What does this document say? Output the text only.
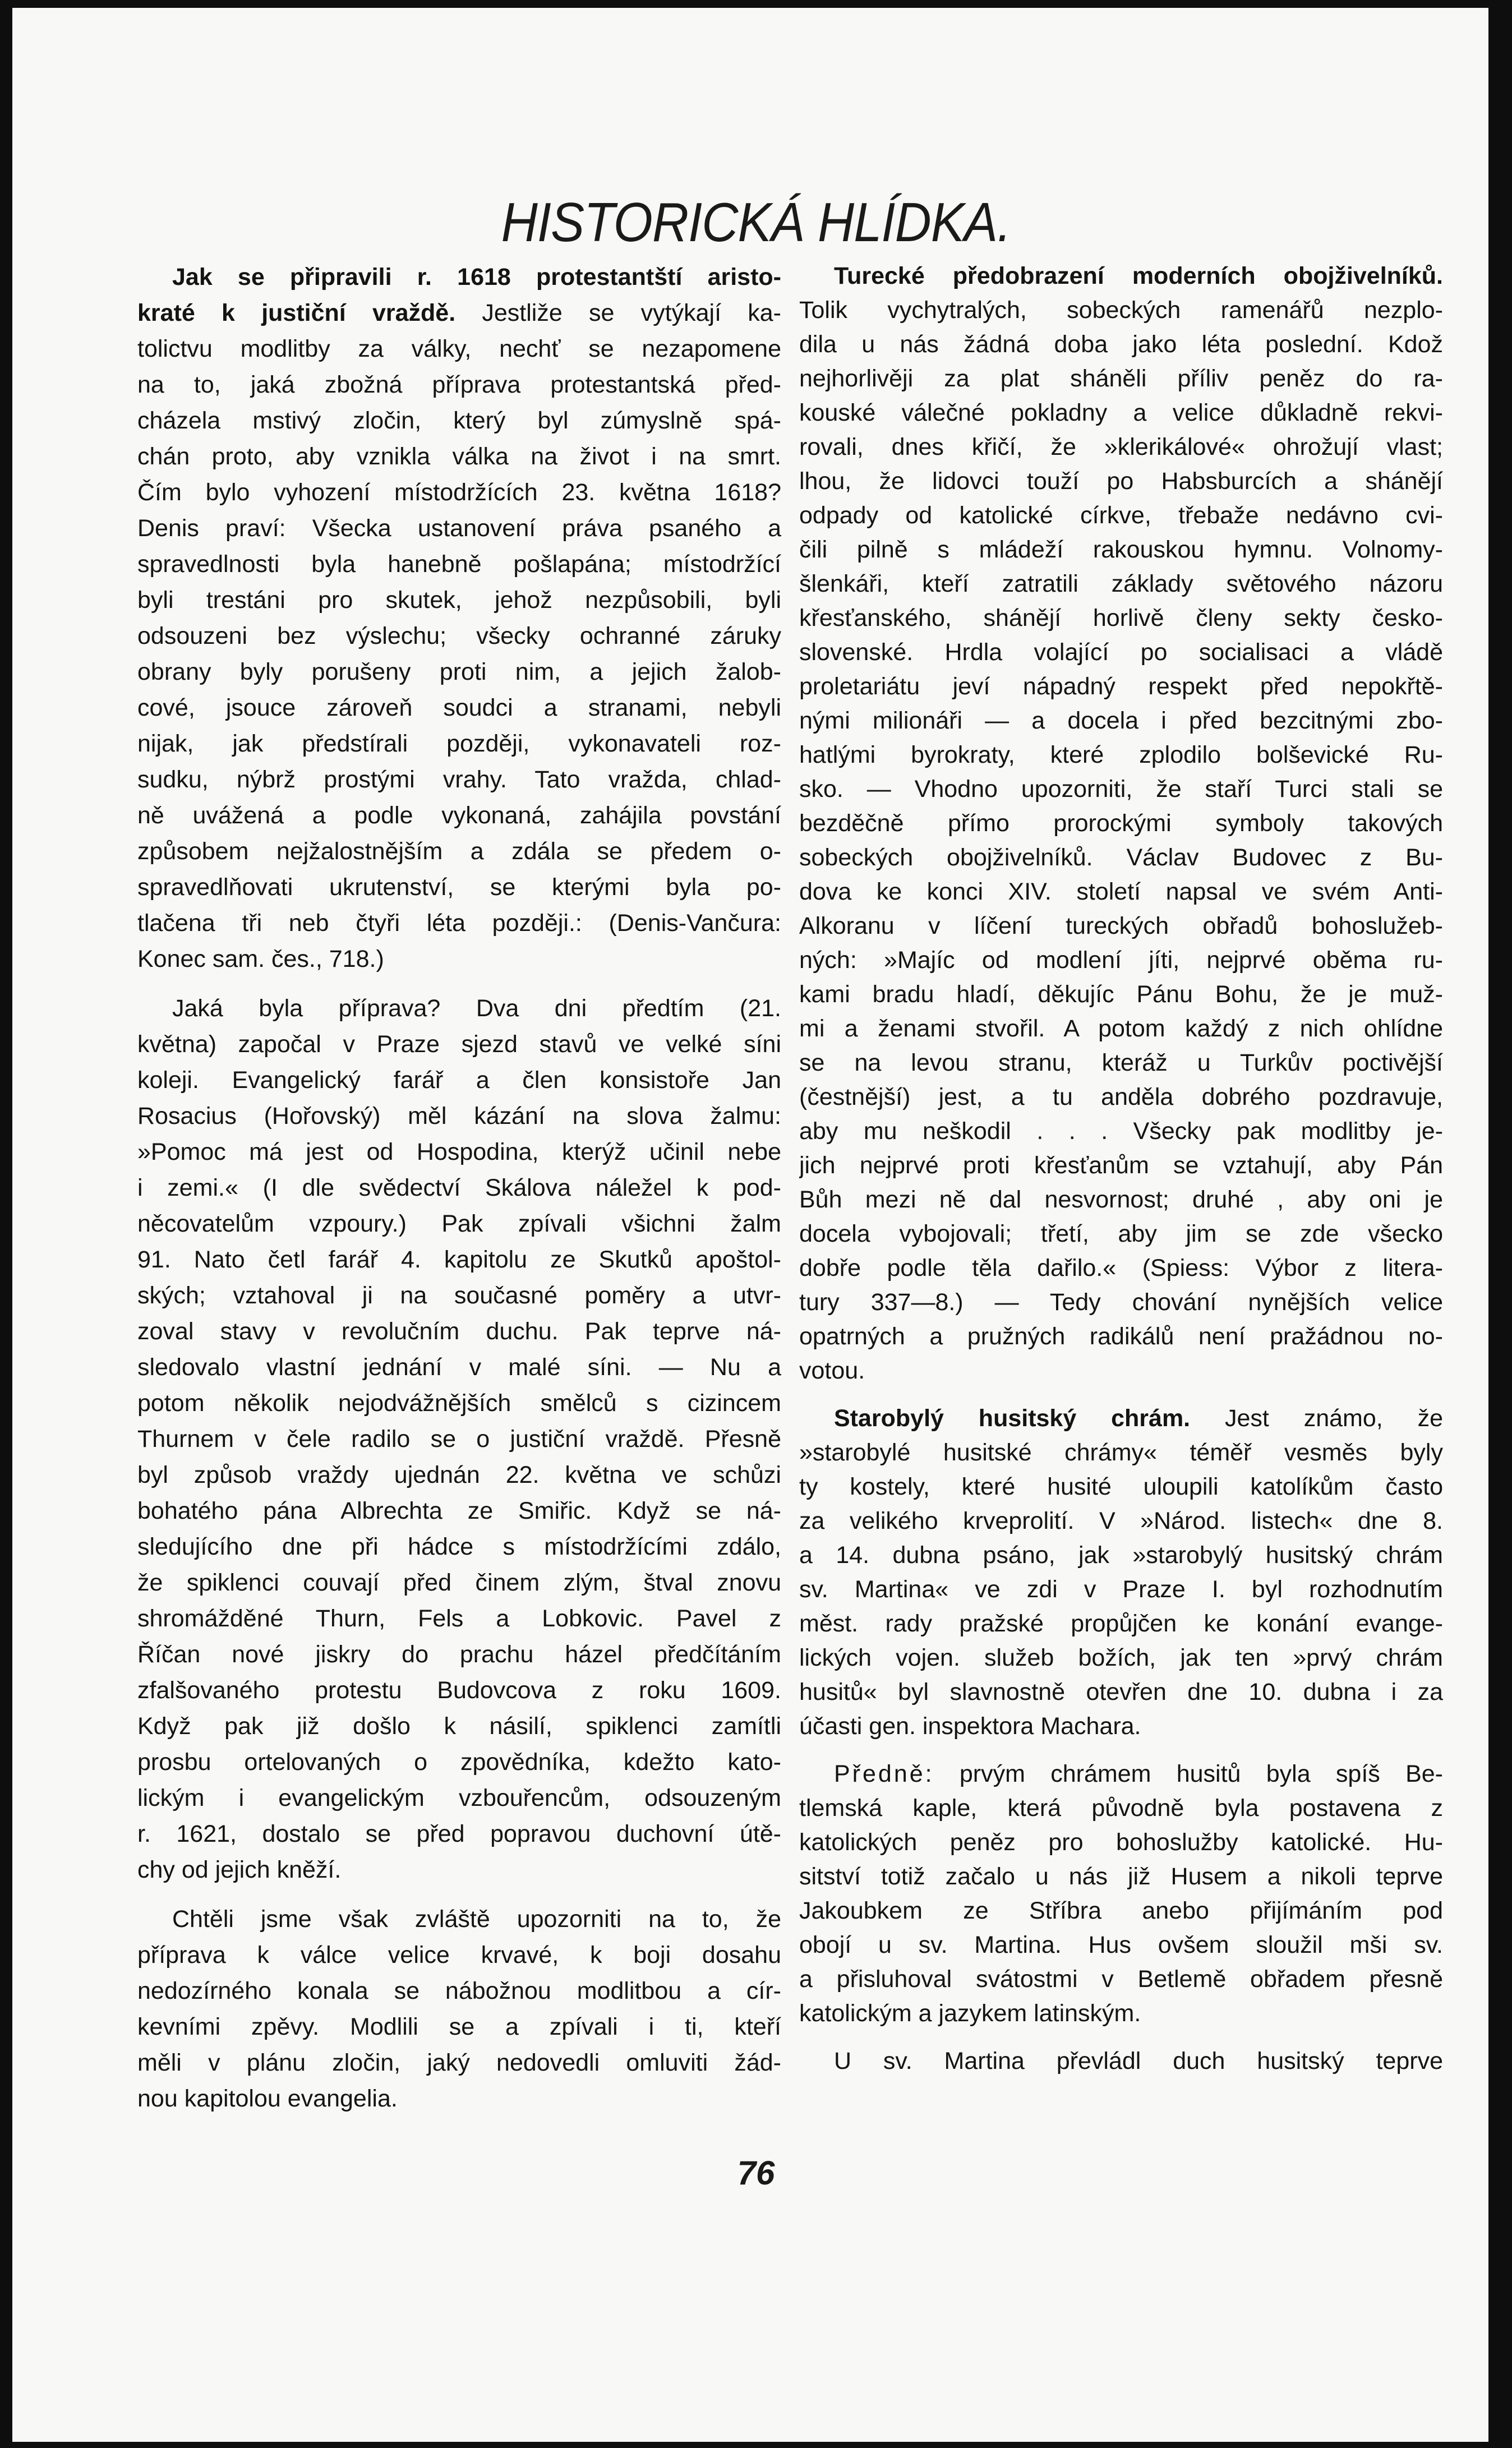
HISTORICKÁ HLÍDKA.
Jak se připravili r. 1618 protestantští aristo-
kraté k justiční vraždě. Jestliže se vytýkají ka-
tolictvu modlitby za války, nechť se nezapomene
na to, jaká zbožná příprava protestantská před-
cházela mstivý zločin, který byl zúmyslně spá-
chán proto, aby vznikla válka na život i na smrt.
Čím bylo vyhození místodržících 23. května 1618?
Denis praví: Všecka ustanovení práva psaného a
spravedlnosti byla hanebně pošlapána; místodržící
byli trestáni pro skutek, jehož nezpůsobili, byli
odsouzeni bez výslechu; všecky ochranné záruky
obrany byly porušeny proti nim, a jejich žalob-
cové, jsouce zároveň soudci a stranami, nebyli
nijak, jak předstírali později, vykonavateli roz-
sudku, nýbrž prostými vrahy. Tato vražda, chlad-
ně uvážená a podle vykonaná, zahájila povstání
způsobem nejžalostnějším a zdála se předem o-
spravedlňovati ukrutenství, se kterými byla po-
tlačena tři neb čtyři léta později.: (Denis-Vančura:
Konec sam. čes., 718.)
Jaká byla příprava? Dva dni předtím (21.
května) započal v Praze sjezd stavů ve velké síni
koleji. Evangelický farář a člen konsistoře Jan
Rosacius (Hořovský) měl kázání na slova žalmu:
»Pomoc má jest od Hospodina, kterýž učinil nebe
i zemi.« (I dle svědectví Skálova náležel k pod-
něcovatelům vzpoury.) Pak zpívali všichni žalm
91. Nato četl farář 4. kapitolu ze Skutků apoštol-
ských; vztahoval ji na současné poměry a utvr-
zoval stavy v revolučním duchu. Pak teprve ná-
sledovalo vlastní jednání v malé síni. — Nu a
potom několik nejodvážnějších smělců s cizincem
Thurnem v čele radilo se o justiční vraždě. Přesně
byl způsob vraždy ujednán 22. května ve schůzi
bohatého pána Albrechta ze Smiřic. Když se ná-
sledujícího dne při hádce s místodržícími zdálo,
že spiklenci couvají před činem zlým, štval znovu
shromážděné Thurn, Fels a Lobkovic. Pavel z
Říčan nové jiskry do prachu házel předčítáním
zfalšovaného protestu Budovcova z roku 1609.
Když pak již došlo k násilí, spiklenci zamítli
prosbu ortelovaných o zpovědníka, kdežto kato-
lickým i evangelickým vzbouřencům, odsouzeným
r. 1621, dostalo se před popravou duchovní útě-
chy od jejich kněží.
Chtěli jsme však zvláště upozorniti na to, že
příprava k válce velice krvavé, k boji dosahu
nedozírného konala se nábožnou modlitbou a cír-
kevními zpěvy. Modlili se a zpívali i ti, kteří
měli v plánu zločin, jaký nedovedli omluviti žád-
nou kapitolou evangelia.
Turecké předobrazení moderních obojživelníků.
Tolik vychytralých, sobeckých ramenářů nezplo-
dila u nás žádná doba jako léta poslední. Kdož
nejhorlivěji za plat sháněli příliv peněz do ra-
kouské válečné pokladny a velice důkladně rekvi-
rovali, dnes křičí, že »klerikálové« ohrožují vlast;
lhou, že lidovci touží po Habsburcích a shánějí
odpady od katolické církve, třebaže nedávno cvi-
čili pilně s mládeží rakouskou hymnu. Volnomy-
šlenkáři, kteří zatratili základy světového názoru
křesťanského, shánějí horlivě členy sekty česko-
slovenské. Hrdla volající po socialisaci a vládě
proletariátu jeví nápadný respekt před nepokřtě-
nými milionáři — a docela i před bezcitnými zbo-
hatlými byrokraty, které zplodilo bolševické Ru-
sko. — Vhodno upozorniti, že staří Turci stali se
bezděčně přímo prorockými symboly takových
sobeckých obojživelníků. Václav Budovec z Bu-
dova ke konci XIV. století napsal ve svém Anti-
Alkoranu v líčení tureckých obřadů bohoslužeb-
ných: »Majíc od modlení jíti, nejprvé oběma ru-
kami bradu hladí, děkujíc Pánu Bohu, že je muž-
mi a ženami stvořil. A potom každý z nich ohlídne
se na levou stranu, kteráž u Turkův poctivější
(čestnější) jest, a tu anděla dobrého pozdravuje,
aby mu neškodil . . . Všecky pak modlitby je-
jich nejprvé proti křesťanům se vztahují, aby Pán
Bůh mezi ně dal nesvornost; druhé , aby oni je
docela vybojovali; třetí, aby jim se zde všecko
dobře podle těla dařilo.« (Spiess: Výbor z litera-
tury 337—8.) — Tedy chování nynějších velice
opatrných a pružných radikálů není pražádnou no-
votou.
Starobylý husitský chrám. Jest známo, že
»starobylé husitské chrámy« téměř vesměs byly
ty kostely, které husité uloupili katolíkům často
za velikého krveprolití. V »Národ. listech« dne 8.
a 14. dubna psáno, jak »starobylý husitský chrám
sv. Martina« ve zdi v Praze I. byl rozhodnutím
měst. rady pražské propůjčen ke konání evange-
lických vojen. služeb božích, jak ten »prvý chrám
husitů« byl slavnostně otevřen dne 10. dubna i za
účasti gen. inspektora Machara.
Předně: prvým chrámem husitů byla spíš Be-
tlemská kaple, která původně byla postavena z
katolických peněz pro bohoslužby katolické. Hu-
sitství totiž začalo u nás již Husem a nikoli teprve
Jakoubkem ze Stříbra anebo přijímáním pod
obojí u sv. Martina. Hus ovšem sloužil mši sv.
a přisluhoval svátostmi v Betlemě obřadem přesně
katolickým a jazykem latinským.
U sv. Martina převládl duch husitský teprve
76
